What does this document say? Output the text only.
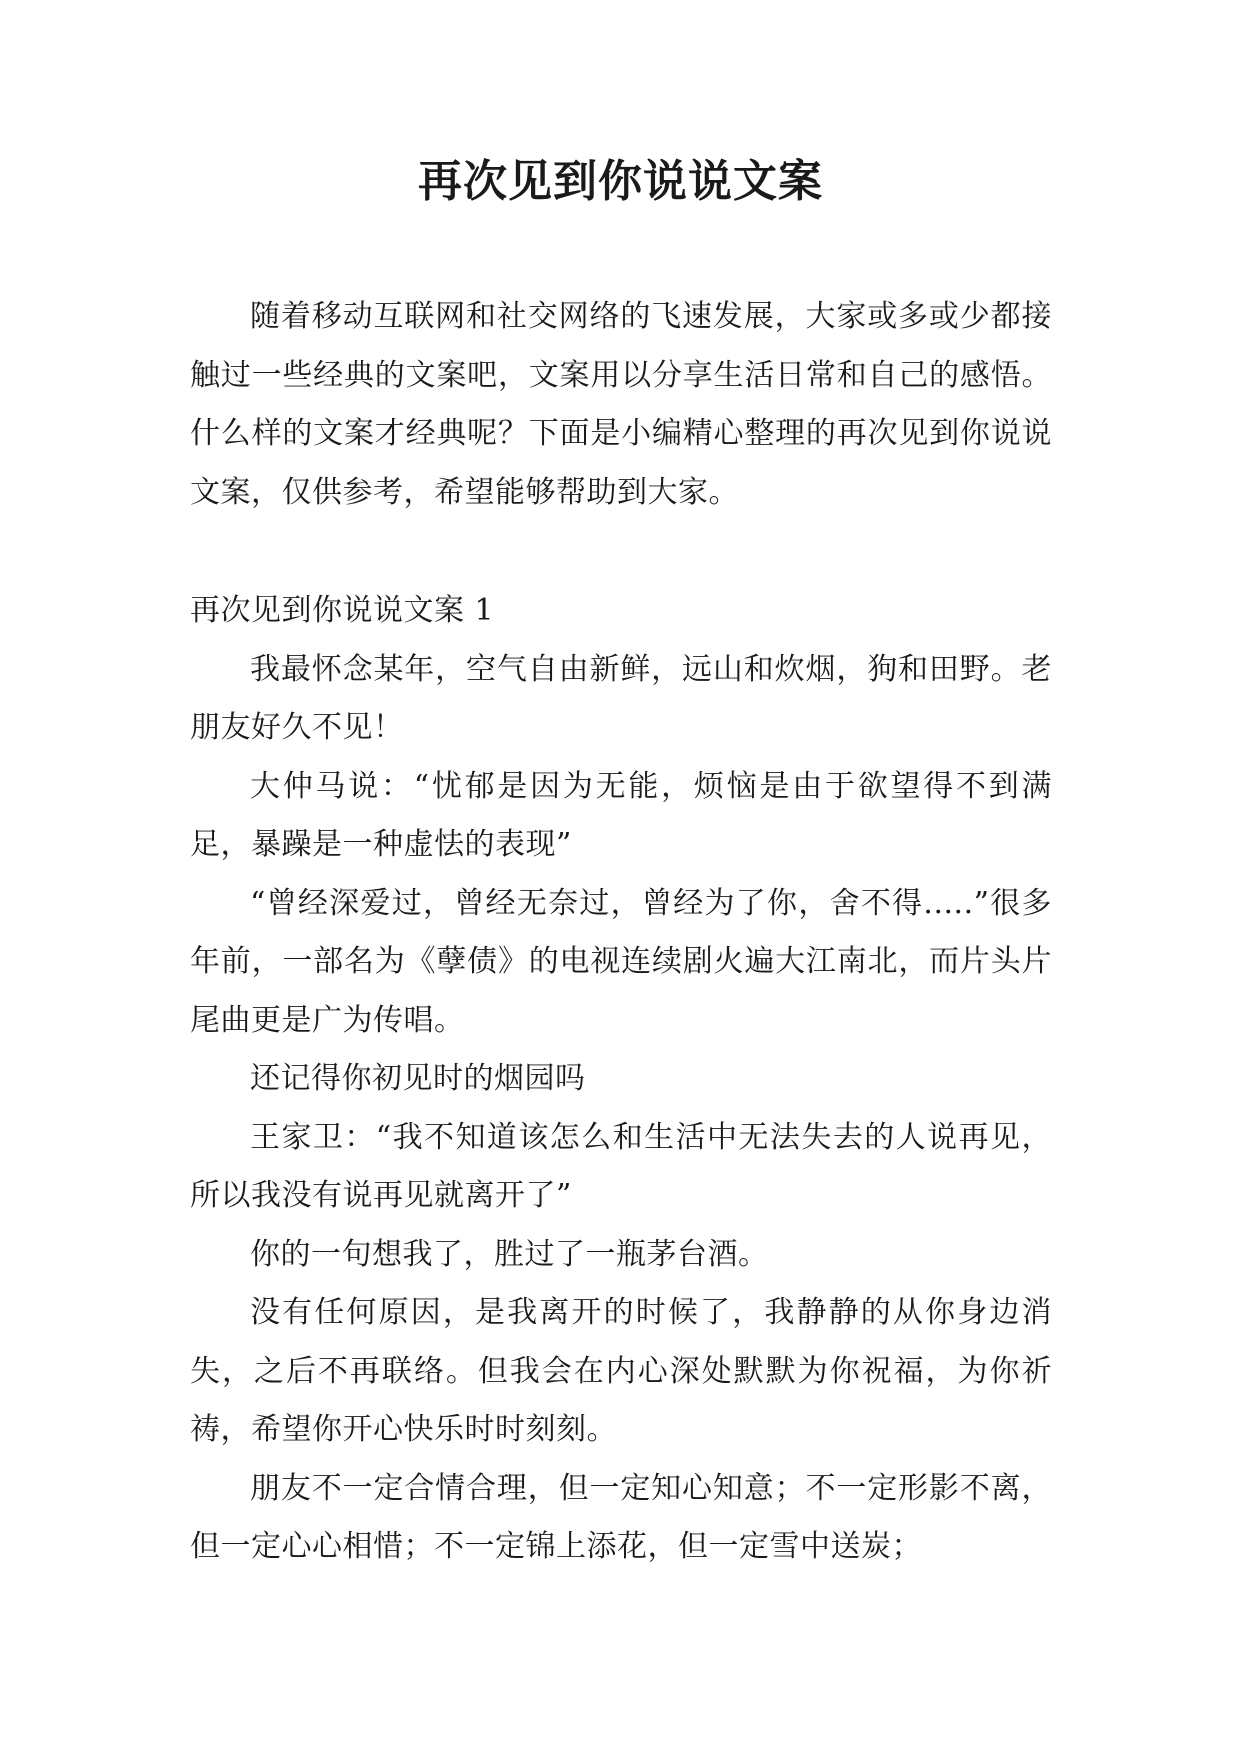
再次见到你说说文案

随着移动互联网和社交网络的飞速发展，大家或多或少都接触过一些经典的文案吧，文案用以分享生活日常和自己的感悟。什么样的文案才经典呢？下面是小编精心整理的再次见到你说说文案，仅供参考，希望能够帮助到大家。

再次见到你说说文案 1

我最怀念某年，空气自由新鲜，远山和炊烟，狗和田野。老朋友好久不见！

大仲马说：“忧郁是因为无能，烦恼是由于欲望得不到满足，暴躁是一种虚怯的表现”

“曾经深爱过，曾经无奈过，曾经为了你，舍不得.....”很多年前，一部名为《孽债》的电视连续剧火遍大江南北，而片头片尾曲更是广为传唱。

还记得你初见时的烟园吗

王家卫：“我不知道该怎么和生活中无法失去的人说再见，所以我没有说再见就离开了”

你的一句想我了，胜过了一瓶茅台酒。

没有任何原因，是我离开的时候了，我静静的从你身边消失，之后不再联络。但我会在内心深处默默为你祝福，为你祈祷，希望你开心快乐时时刻刻。

朋友不一定合情合理，但一定知心知意；不一定形影不离，但一定心心相惜；不一定锦上添花，但一定雪中送炭；
